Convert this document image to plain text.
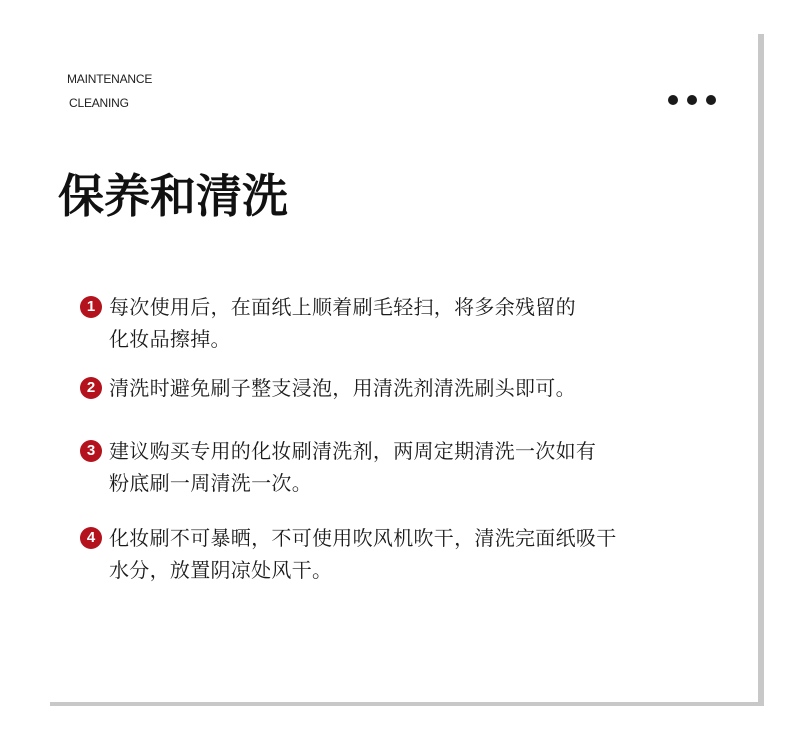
MAINTENANCE
CLEANING
保养和清洗
1 每次使用后，在面纸上顺着刷毛轻扫，将多余残留的
化妆品擦掉。
2 清洗时避免刷子整支浸泡，用清洗剂清洗刷头即可。
3 建议购买专用的化妆刷清洗剂，两周定期清洗一次如有
粉底刷一周清洗一次。
4 化妆刷不可暴晒，不可使用吹风机吹干，清洗完面纸吸干
水分，放置阴凉处风干。
